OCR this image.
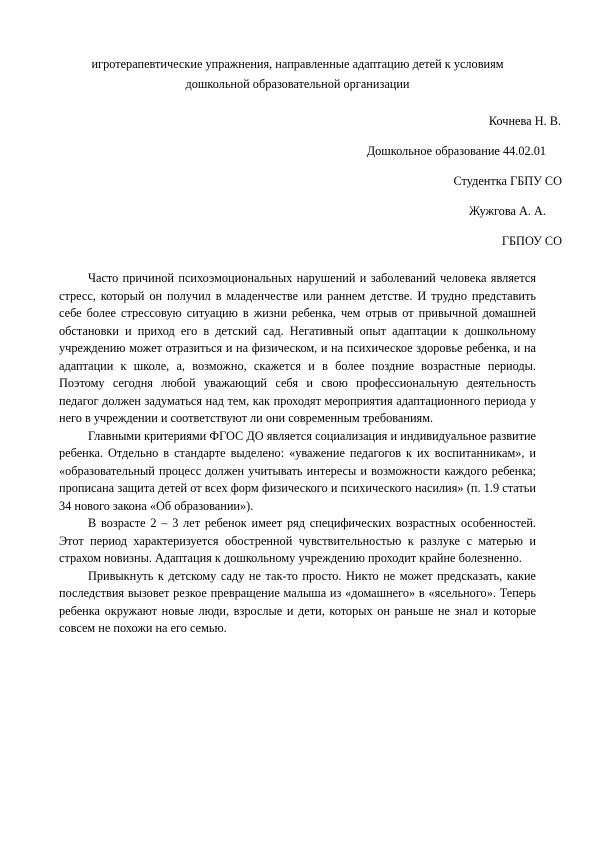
игротерапевтические упражнения, направленные адаптацию детей к условиям
дошкольной образовательной организации
Кочнева Н. В.
Дошкольное образование 44.02.01
Студентка ГБПУ СО
Жужгова А. А.
ГБПОУ СО

Часто причиной психоэмоциональных нарушений и заболеваний человека является стресс, который он получил в младенчестве или раннем детстве. И трудно представить себе более стрессовую ситуацию в жизни ребенка, чем отрыв от привычной домашней обстановки и приход его в детский сад. Негативный опыт адаптации к дошкольному учреждению может отразиться и на физическом, и на психическое здоровье ребенка, и на адаптации к школе, а, возможно, скажется и в более поздние возрастные периоды. Поэтому сегодня любой уважающий себя и свою профессиональную деятельность педагог должен задуматься над тем, как проходят мероприятия адаптационного периода у него в учреждении и соответствуют ли они современным требованиям.

Главными критериями ФГОС ДО является социализация и индивидуальное развитие ребенка. Отдельно в стандарте выделено: «уважение педагогов к их воспитанникам», и «образовательный процесс должен учитывать интересы и возможности каждого ребенка; прописана защита детей от всех форм физического и психического насилия» (п. 1.9 статьи 34 нового закона «Об образовании»).

В возрасте 2 – 3 лет ребенок имеет ряд специфических возрастных особенностей. Этот период характеризуется обостренной чувствительностью к разлуке с матерью и страхом новизны. Адаптация к дошкольному учреждению проходит крайне болезненно.

Привыкнуть к детскому саду не так-то просто. Никто не может предсказать, какие последствия вызовет резкое превращение малыша из «домашнего» в «ясельного». Теперь ребенка окружают новые люди, взрослые и дети, которых он раньше не знал и которые совсем не похожи на его семью.
